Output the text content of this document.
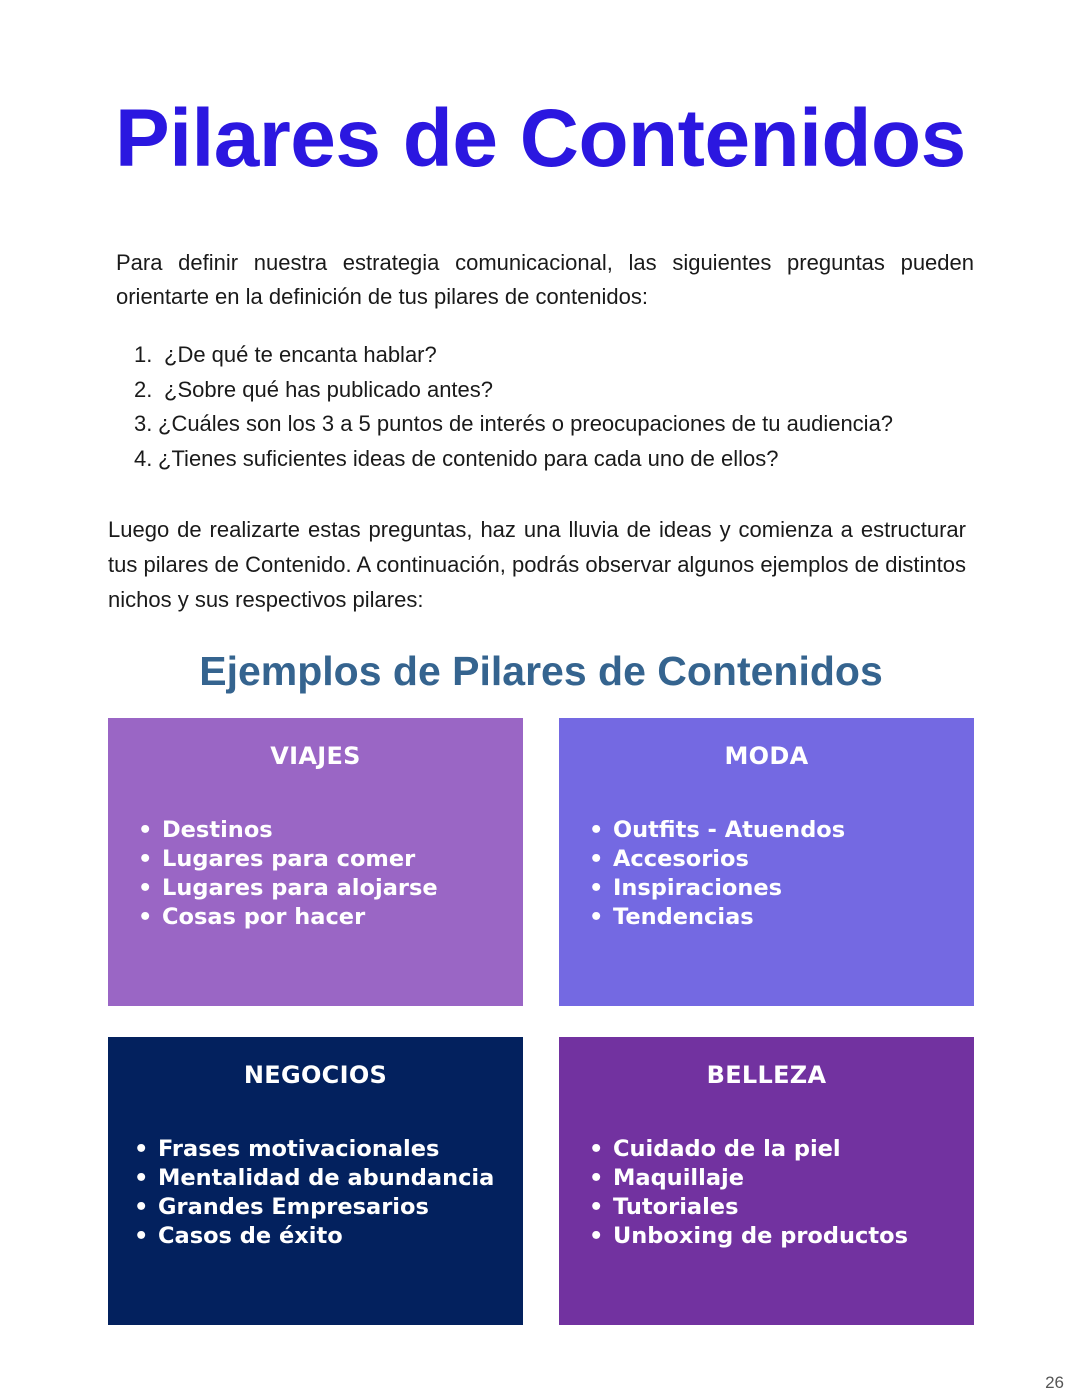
Pilares de Contenidos

Para definir nuestra estrategia comunicacional, las siguientes preguntas pueden orientarte en la definición de tus pilares de contenidos:

1. ¿De qué te encanta hablar?
2. ¿Sobre qué has publicado antes?
3. ¿Cuáles son los 3 a 5 puntos de interés o preocupaciones de tu audiencia?
4. ¿Tienes suficientes ideas de contenido para cada uno de ellos?

Luego de realizarte estas preguntas, haz una lluvia de ideas y comienza a estructurar tus pilares de Contenido. A continuación, podrás observar algunos ejemplos de distintos nichos y sus respectivos pilares:

Ejemplos de Pilares de Contenidos
VIAJES
• Destinos
• Lugares para comer
• Lugares para alojarse
• Cosas por hacer
MODA
• Outfits - Atuendos
• Accesorios
• Inspiraciones
• Tendencias
NEGOCIOS
• Frases motivacionales
• Mentalidad de abundancia
• Grandes Empresarios
• Casos de éxito
BELLEZA
• Cuidado de la piel
• Maquillaje
• Tutoriales
• Unboxing de productos
26
